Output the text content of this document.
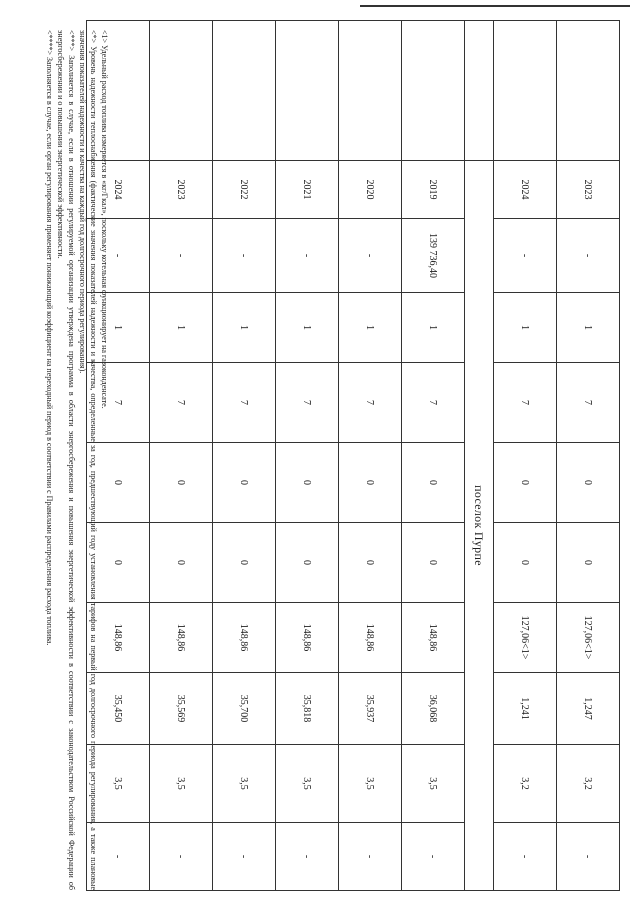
	2023	-	1	7	0	0	127,06<1>	1,247	3,2	-
	2024	-	1	7	0	0	127,06<1>	1,241	3,2	-
	поселок Пурпе									
	2019	139 736,40	1	7	0	0	148,86	36,068	3,5	-
	2020	-	1	7	0	0	148,86	35,937	3,5	-
	2021	-	1	7	0	0	148,86	35,818	3,5	-
	2022	-	1	7	0	0	148,86	35,700	3,5	-
	2023	-	1	7	0	0	148,86	35,569	3,5	-
	2024	-	1	7	0	0	148,86	35,450	3,5	-

<1> Удельный расход топлива измеряется в «кг/Гкал», поскольку котельная функционирует на газоконденсате.

<*> Уровень надежности теплоснабжения (фактические значения показателей надежности и качества, определенные за год, предшествующий году установления тарифов на первый год долгосрочного периода регулирования, а также плановые значения показателей надежности и качества на каждый год долгосрочного периода регулирования).

<***> Заполняется в случае, если в отношении регулируемой организации утверждена программа в области энергосбережения и повышения энергетической эффективности в соответствии с законодательством Российской Федерации об энергосбережении и о повышении энергетической эффективности.

<****> Заполняется в случае, если орган регулирования применяет понижающий коэффициент на переходный период в соответствии с Правилами распределения расхода топлива.
